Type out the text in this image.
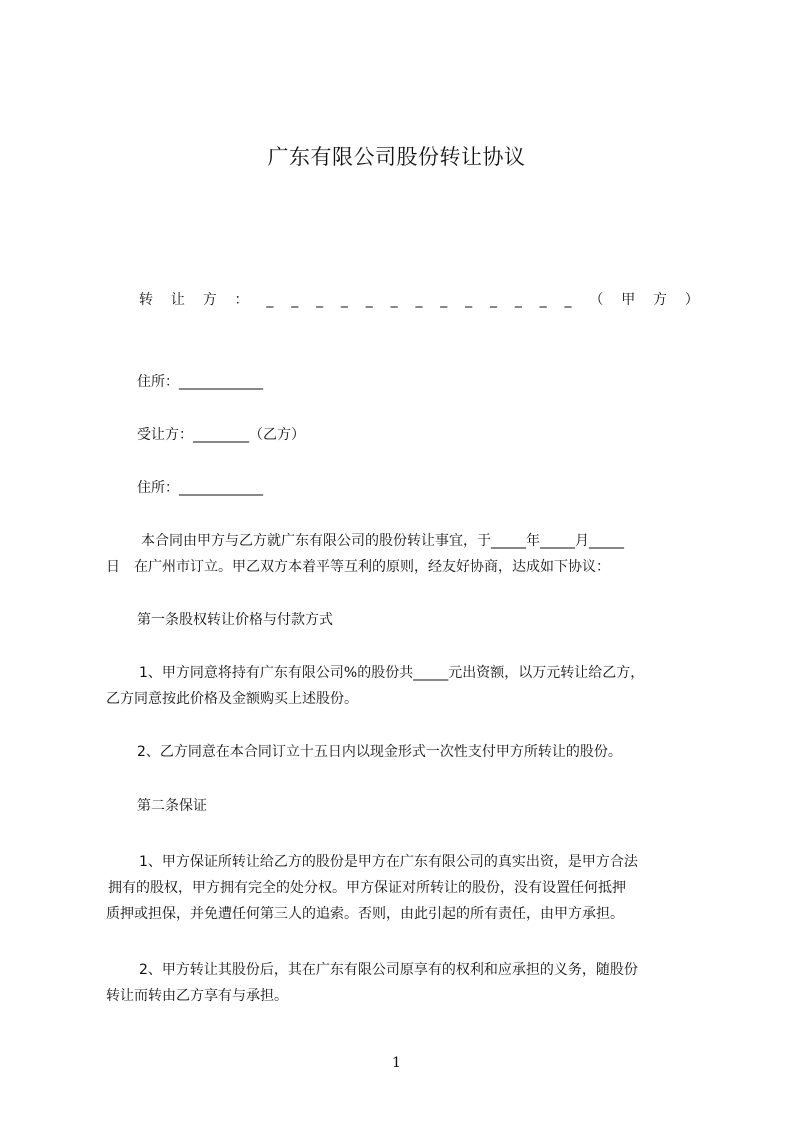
广东有限公司股份转让协议
转 让 方 ： _ _ _ _ _ _ _ _ _ _ _ _ _ （ 甲 方 ）
住所：____________
受让方：________（乙方）
住所：____________
本合同由甲方与乙方就广东有限公司的股份转让事宜，于_____年_____月_____
日　在广州市订立。甲乙双方本着平等互利的原则，经友好协商，达成如下协议：
第一条股权转让价格与付款方式
1、甲方同意将持有广东有限公司%的股份共_____元出资额，以万元转让给乙方，
乙方同意按此价格及金额购买上述股份。
2、乙方同意在本合同订立十五日内以现金形式一次性支付甲方所转让的股份。
第二条保证
1、甲方保证所转让给乙方的股份是甲方在广东有限公司的真实出资，是甲方合法
拥有的股权，甲方拥有完全的处分权。甲方保证对所转让的股份，没有设置任何抵押
质押或担保，并免遭任何第三人的追索。否则，由此引起的所有责任，由甲方承担。
2、甲方转让其股份后，其在广东有限公司原享有的权利和应承担的义务，随股份
转让而转由乙方享有与承担。
1
